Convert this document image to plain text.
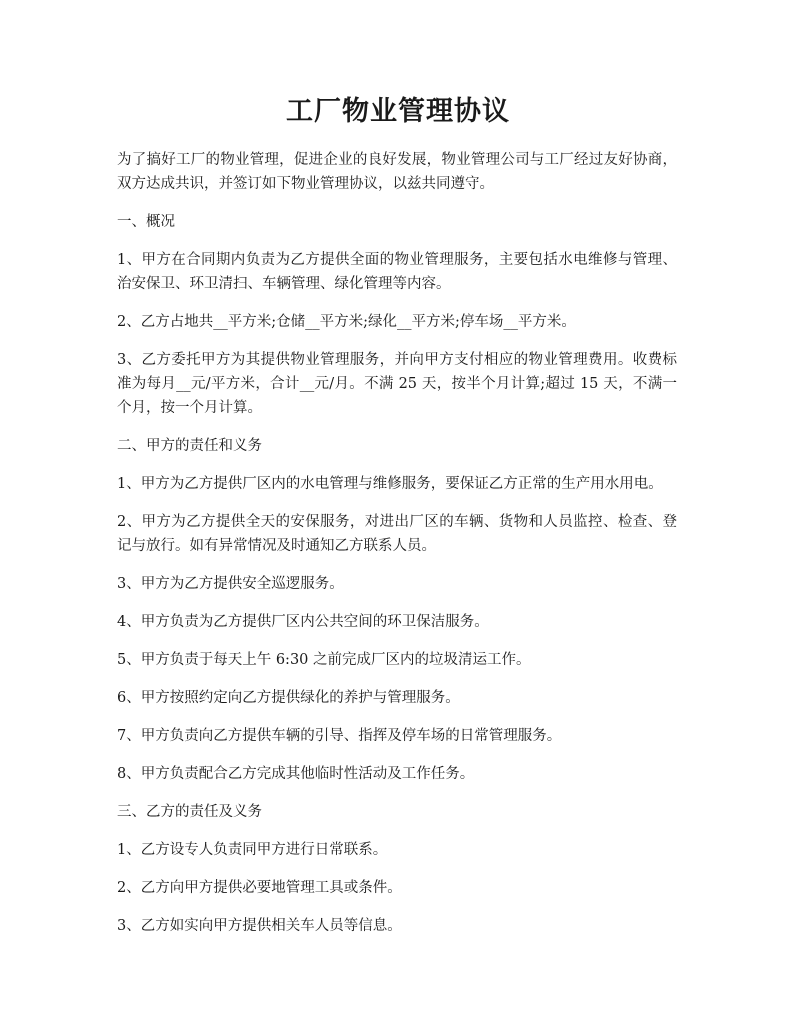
工厂物业管理协议

为了搞好工厂的物业管理，促进企业的良好发展，物业管理公司与工厂经过友好协商，双方达成共识，并签订如下物业管理协议，以兹共同遵守。

一、概况

1、甲方在合同期内负责为乙方提供全面的物业管理服务，主要包括水电维修与管理、治安保卫、环卫清扫、车辆管理、绿化管理等内容。

2、乙方占地共__平方米;仓储__平方米;绿化__平方米;停车场__平方米。

3、乙方委托甲方为其提供物业管理服务，并向甲方支付相应的物业管理费用。收费标准为每月__元/平方米，合计__元/月。不满 25 天，按半个月计算;超过 15 天，不满一个月，按一个月计算。

二、甲方的责任和义务

1、甲方为乙方提供厂区内的水电管理与维修服务，要保证乙方正常的生产用水用电。

2、甲方为乙方提供全天的安保服务，对进出厂区的车辆、货物和人员监控、检查、登记与放行。如有异常情况及时通知乙方联系人员。

3、甲方为乙方提供安全巡逻服务。

4、甲方负责为乙方提供厂区内公共空间的环卫保洁服务。

5、甲方负责于每天上午 6:30 之前完成厂区内的垃圾清运工作。

6、甲方按照约定向乙方提供绿化的养护与管理服务。

7、甲方负责向乙方提供车辆的引导、指挥及停车场的日常管理服务。

8、甲方负责配合乙方完成其他临时性活动及工作任务。

三、乙方的责任及义务

1、乙方设专人负责同甲方进行日常联系。

2、乙方向甲方提供必要地管理工具或条件。

3、乙方如实向甲方提供相关车人员等信息。
